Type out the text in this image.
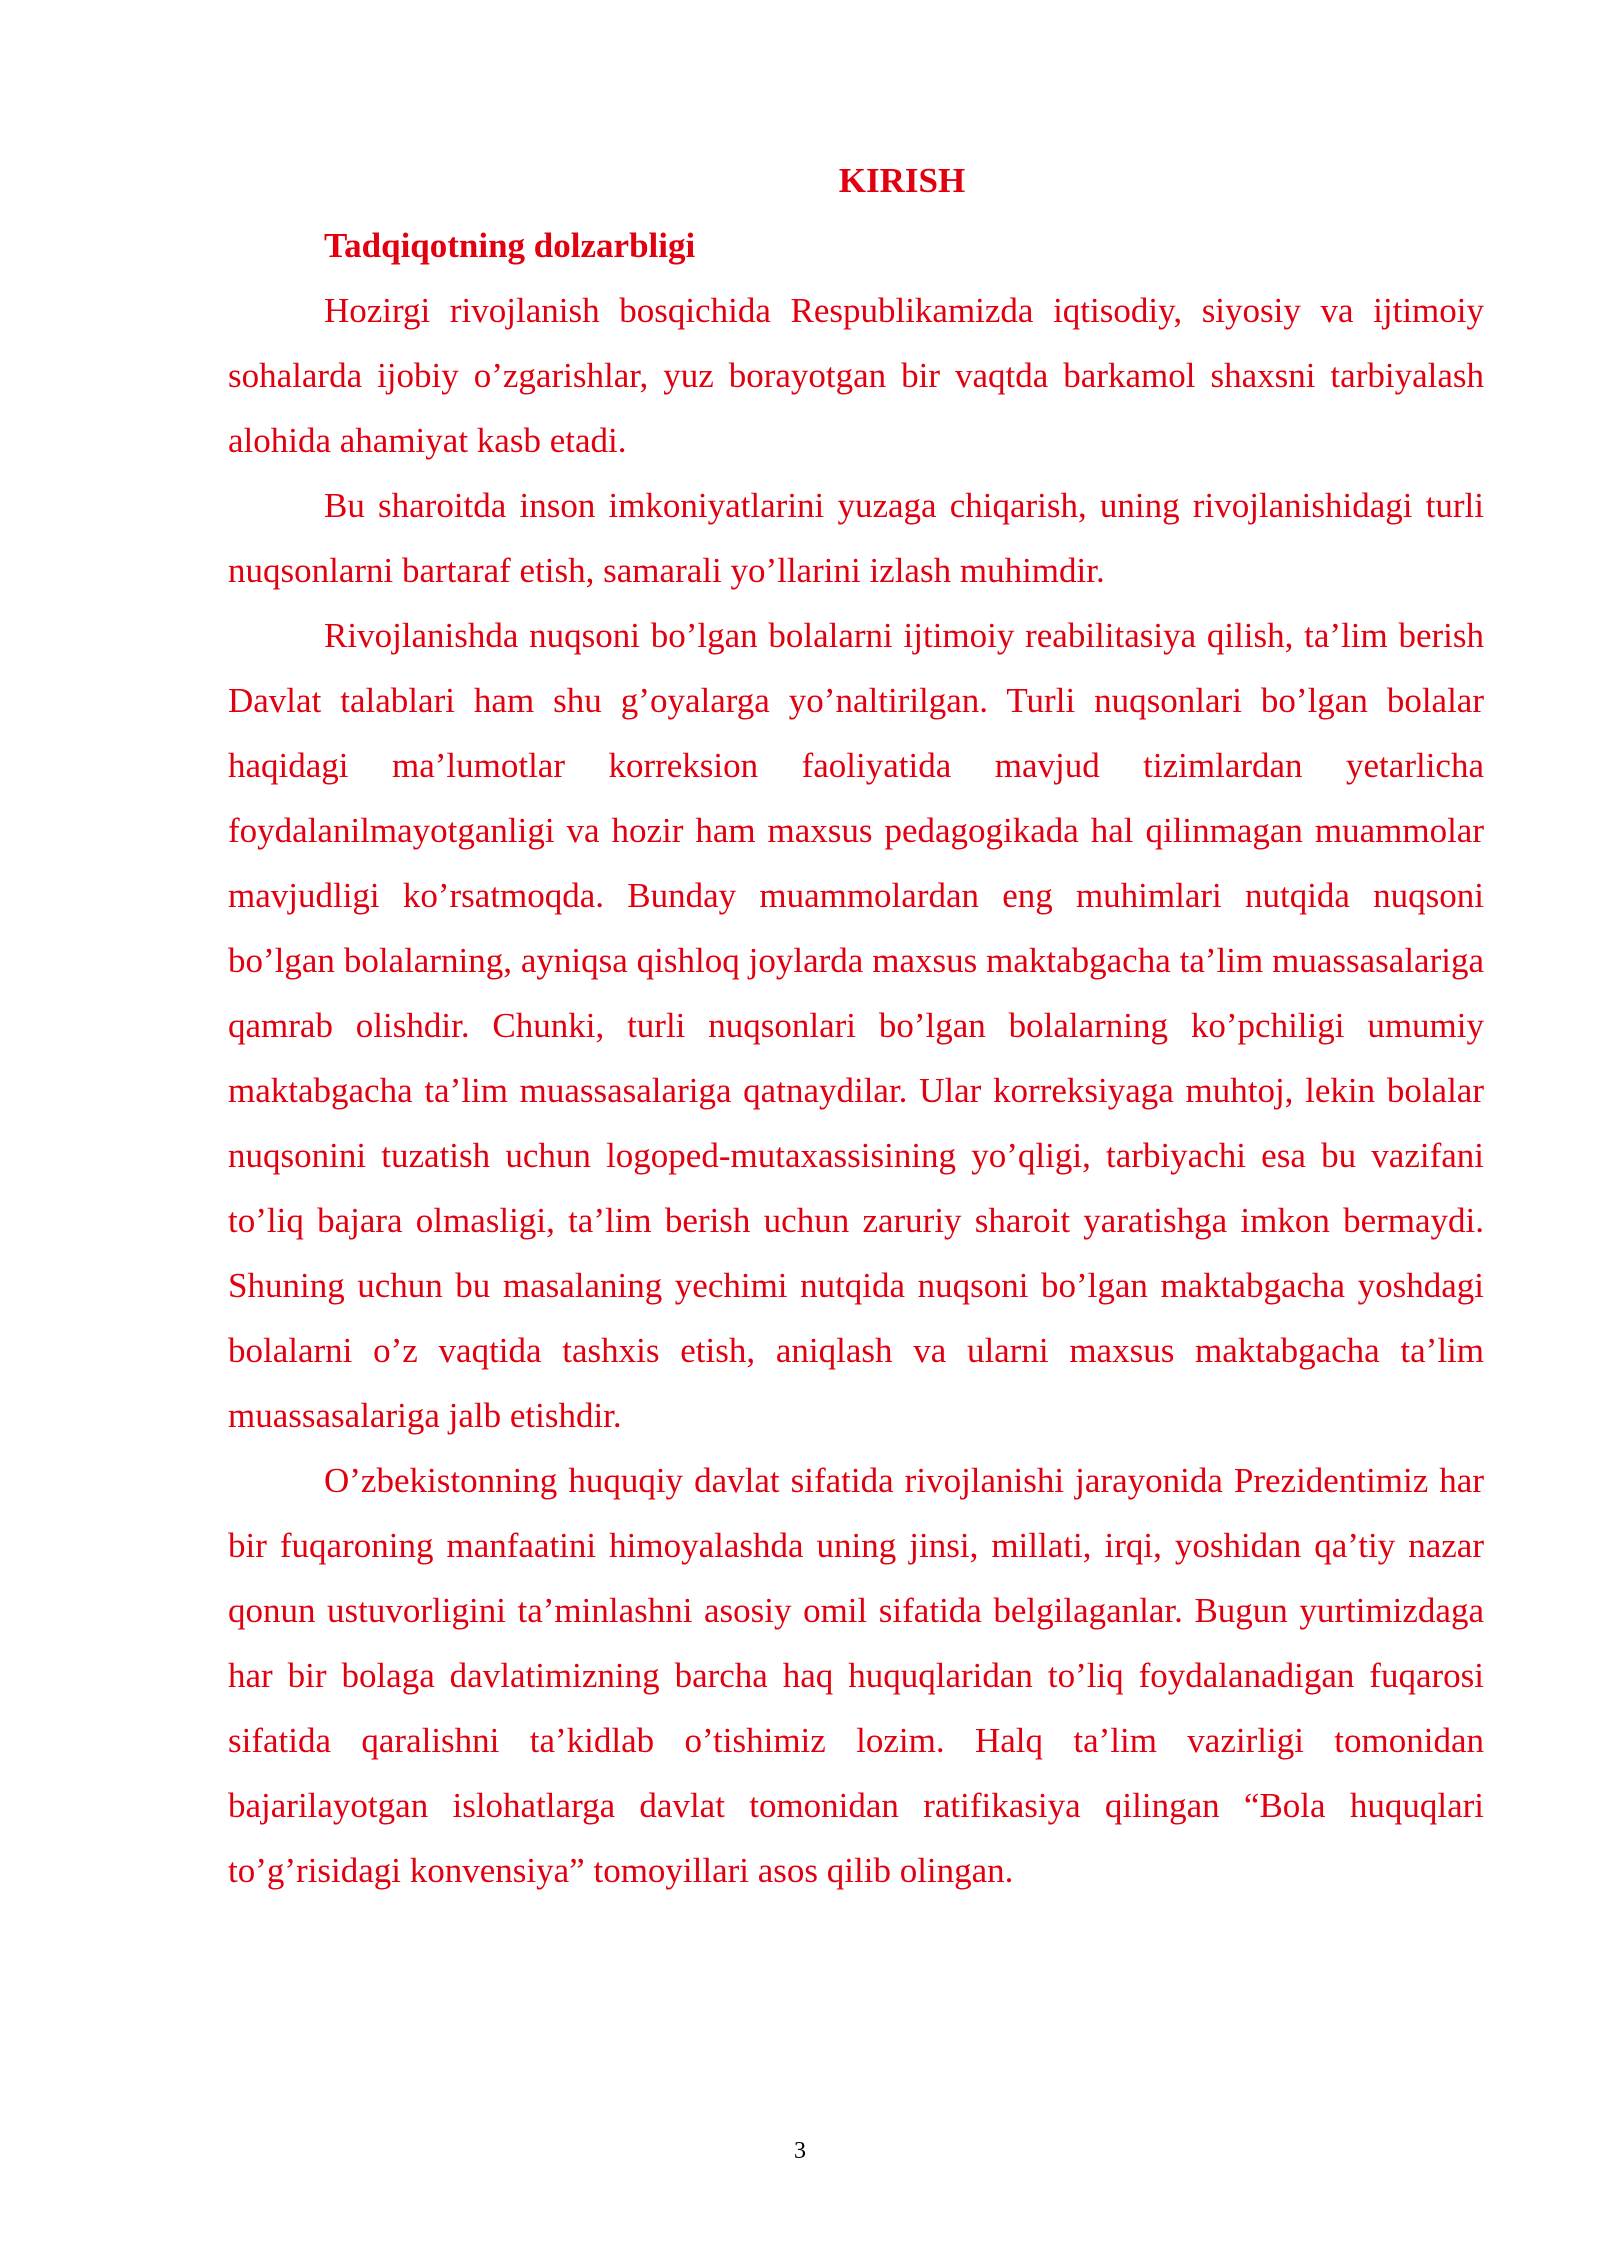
KIRISH

Tadqiqotning dolzarbligi

Hozirgi rivojlanish bosqichida Respublikamizda iqtisodiy, siyosiy va ijtimoiy sohalarda ijobiy o’zgarishlar, yuz borayotgan bir vaqtda barkamol shaxsni tarbiyalash alohida ahamiyat kasb etadi.

Bu sharoitda inson imkoniyatlarini yuzaga chiqarish, uning rivojlanishidagi turli nuqsonlarni bartaraf etish, samarali yo’llarini izlash muhimdir.

Rivojlanishda nuqsoni bo’lgan bolalarni ijtimoiy reabilitasiya qilish, ta’lim berish Davlat talablari ham shu g’oyalarga yo’naltirilgan. Turli nuqsonlari bo’lgan bolalar haqidagi ma’lumotlar korreksion faoliyatida mavjud tizimlardan yetarlicha foydalanilmayotganligi va hozir ham maxsus pedagogikada hal qilinmagan muammolar mavjudligi ko’rsatmoqda. Bunday muammolardan eng muhimlari nutqida nuqsoni bo’lgan bolalarning, ayniqsa qishloq joylarda maxsus maktabgacha ta’lim muassasalariga qamrab olishdir. Chunki, turli nuqsonlari bo’lgan bolalarning ko’pchiligi umumiy maktabgacha ta’lim muassasalariga qatnaydilar. Ular korreksiyaga muhtoj, lekin bolalar nuqsonini tuzatish uchun logoped-mutaxassisining yo’qligi, tarbiyachi esa bu vazifani to’liq bajara olmasligi, ta’lim berish uchun zaruriy sharoit yaratishga imkon bermaydi. Shuning uchun bu masalaning yechimi nutqida nuqsoni bo’lgan maktabgacha yoshdagi bolalarni o’z vaqtida tashxis etish, aniqlash va ularni maxsus maktabgacha ta’lim muassasalariga jalb etishdir.

O’zbekistonning huquqiy davlat sifatida rivojlanishi jarayonida Prezidentimiz har bir fuqaroning manfaatini himoyalashda uning jinsi, millati, irqi, yoshidan qa’tiy nazar qonun ustuvorligini ta’minlashni asosiy omil sifatida belgilaganlar. Bugun yurtimizdaga har bir bolaga davlatimizning barcha haq huquqlaridan to’liq foydalanadigan fuqarosi sifatida qaralishni ta’kidlab o’tishimiz lozim. Halq ta’lim vazirligi tomonidan bajarilayotgan islohatlarga davlat tomonidan ratifikasiya qilingan “Bola huquqlari to’g’risidagi konvensiya” tomoyillari asos qilib olingan.

3
